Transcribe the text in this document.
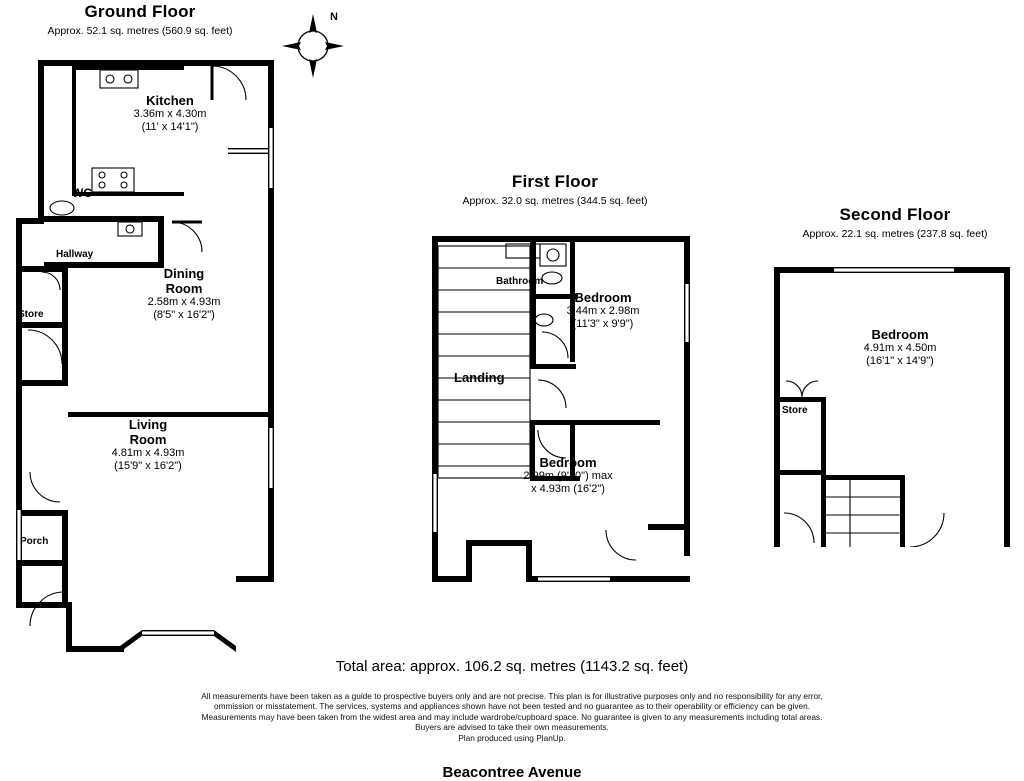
Ground Floor
Approx. 52.1 sq. metres (560.9 sq. feet)
Kitchen
3.36m x 4.30m
(11' x 14'1")
WC
Hallway
Store
Dining
Room
2.58m x 4.93m
(8'5" x 16'2")
Living
Room
4.81m x 4.93m
(15'9" x 16'2")
Porch
N
First Floor
Approx. 32.0 sq. metres (344.5 sq. feet)
Bathroom
Landing
Bedroom
3.44m x 2.98m
(11'3" x 9'9")
Bedroom
2.99m (9'10") max
x 4.93m (16'2")
Second Floor
Approx. 22.1 sq. metres (237.8 sq. feet)
Bedroom
4.91m x 4.50m
(16'1" x 14'9")
Store
Total area: approx. 106.2 sq. metres (1143.2 sq. feet)
All measurements have been taken as a guide to prospective buyers only and are not precise. This plan is for illustrative purposes only and no responsibility for any error,
ommission or misstatement. The services, systems and appliances shown have not been tested and no guarantee as to their operability or efficiency can be given.
Measurements may have been taken from the widest area and may include wardrobe/cupboard space. No guarantee is given to any measurements including total areas.
Buyers are advised to take their own measurements.
Plan produced using PlanUp.
Beacontree Avenue
